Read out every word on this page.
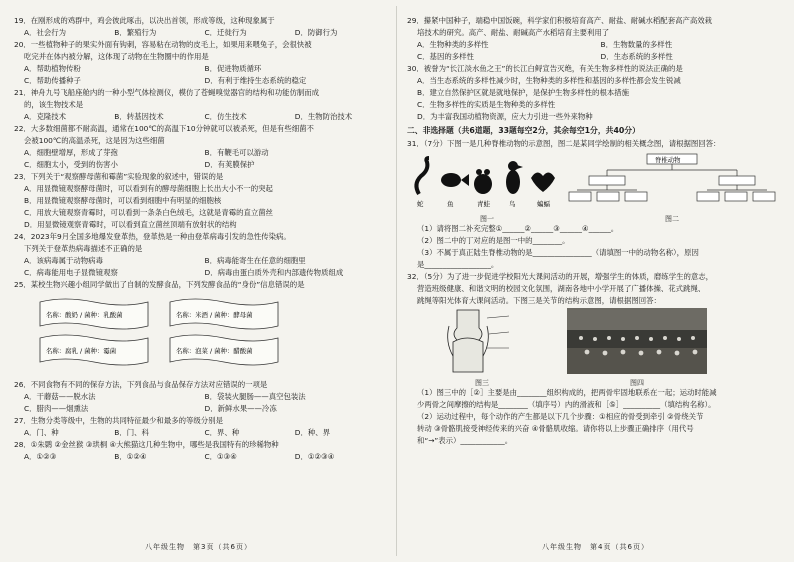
19．在刚形成的鸡群中，鸡会彼此啄击，以决出首领，形成等级，这种现象属于

A．社会行为	B．繁殖行为	C．迁徙行为	D．防御行为

20．一些植物种子的果实外面有钩刺，容易粘在动物的皮毛上，如果用来喂兔子，会很快被

吃完并在体内被分解，这体现了动物在生物圈中的作用是

A．帮助植物传粉	B．促进物质循环
C．帮助传播种子	D．有利于维持生态系统的稳定

21．神舟九号飞船座舱内的一种小型气体检测仪，模仿了苍蝇嗅觉器官的结构和功能仿制而成

的，该生物技术是

A．克隆技术	B．转基因技术	C．仿生技术	D．生物防治技术

22．大多数细菌都不耐高温，通常在100℃的高温下10分钟就可以被杀死，但是有些细菌不

会被100℃的高温杀死，这是因为这些细菌

A．细胞壁增厚，形成了芽孢	B．有鞭毛可以游动
C．细胞太小，受到的伤害小	D．有荚膜保护

23．下列关于“观察酵母菌和霉菌”实验现象的叙述中，错误的是

A．用显微镜观察酵母菌时，可以看到有的酵母菌细胞上长出大小不一的突起

B．用显微镜观察酵母菌时，可以看到细胞中有明显的细胞核

C．用放大镜观察青霉时，可以看到一条条白色绒毛，这就是青霉的直立菌丝

D．用显微镜观察青霉时，可以看到直立菌丝顶端有放射状的结构

24．2023年9月全国多地爆发登革热，登革热是一种由登革病毒引发的急性传染病。

下列关于登革热病毒描述不正确的是

A．该病毒属于动物病毒	B．病毒能寄生在任意的细胞里
C．病毒能用电子显微镜观察	D．病毒由蛋白质外壳和内部遗传物质组成

25．某校生物兴趣小组同学做出了自制的发酵食品，下列发酵食品的“身份”信息错误的是

名称：酸奶 / 菌种：乳酸菌	名称：米酒 / 菌种：酵母菌
名称：腐乳 / 菌种：霉菌	名称：泡菜 / 菌种：醋酸菌

26．不同食物有不同的保存方法，下列食品与食品保存方法对应错误的一项是

A．干蘑菇——脱水法	B．袋装火腿肠——真空包装法
C．腊肉——烟熏法	D．新鲜水果——冷冻

27．生物分类等级中，生物的共同特征最少和最多的等级分别是

A．门、种	B．门、科	C．界、种	D．种、界

28．①朱鹮 ②金丝猴 ③珙桐 ④大熊猫这几种生物中，哪些是我国特有的珍稀物种

A．①②③	B．①②④	C．①③④	D．①②③④
八年级生物　第3页（共6页）

29．攥紧中国种子，端稳中国饭碗，科学家们积极培育高产、耐盐、耐碱水稻配套高产高效栽

培技术的研究。高产、耐盐、耐碱高产水稻培育主要利用了

A．生物种类的多样性	B．生物数量的多样性
C．基因的多样性	D．生态系统的多样性

30．被誉为“长江淡水鱼之王”的长江白鲟宣告灭绝，有关生物多样性的说法正确的是

A．当生态系统的多样性减少时，生物种类的多样性和基因的多样性都会发生锐减

B．建立自然保护区就是就地保护，是保护生物多样性的根本措施

C．生物多样性的实质是生物种类的多样性

D．为丰富我国动植物资源，应大力引进一些外来物种

二、非选择题（共6道题，33题每空2分，其余每空1分，共40分）

31．（7分）下图一是几种脊椎动物的示意图，图二是某同学绘制的相关概念图，请根据图回答：

蛇	鱼	青蛙	鸟	蝙蝠
图一
脊椎动物
图二

（1）请将图二补充完整①______②______③______④______。

（2）图二中的丁对应的是图一中的________。

（3）不属于真正陆生脊椎动物的是________________（请填图一中的动物名称），原因

是__________________。

32．（5分）为了进一步促进学校阳光大课间活动的开展，增强学生的体质，磨练学生的意志，

营造班级健康、和谐文明的校园文化氛围，湖南各地中小学开展了广播体操、花式跳绳、

跳绳等阳光体育大课间活动。下图三是关节的结构示意图，请根据图回答：

图三	图四

（1）图三中的［②］主要是由________组织构成的，把两骨牢固地联系在一起；运动时能减

少两骨之间摩擦的结构是________（填序号）内的滑液和［⑤］__________（填结构名称）。

（2）运动过程中，每个动作的产生都是以下几个步骤：①相应的骨受到牵引 ②骨绕关节

转动 ③骨骼肌接受神经传来的兴奋 ④骨骼肌收缩。请你将以上步骤正确排序（用代号

和“→”表示）____________。

八年级生物　第4页（共6页）
